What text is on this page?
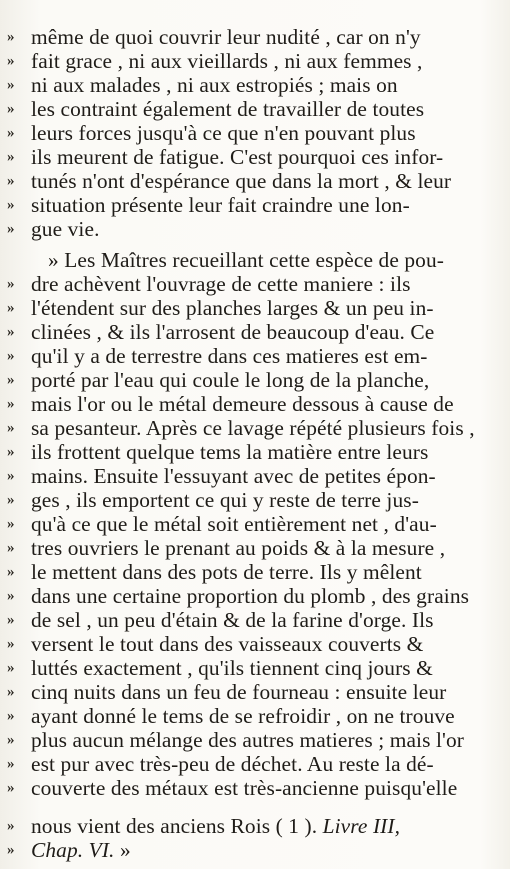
» même de quoi couvrir leur nudité , car on n'y
» fait grace , ni aux vieillards , ni aux femmes ,
» ni aux malades , ni aux estropiés ; mais on
» les contraint également de travailler de toutes
» leurs forces jusqu'à ce que n'en pouvant plus
» ils meurent de fatigue. C'est pourquoi ces infor-
» tunés n'ont d'espérance que dans la mort , & leur
» situation présente leur fait craindre une lon-
» gue vie.
» Les Maîtres recueillant cette espèce de pou-
» dre achèvent l'ouvrage de cette maniere : ils
» l'étendent sur des planches larges & un peu in-
» clinées , & ils l'arrosent de beaucoup d'eau. Ce
» qu'il y a de terrestre dans ces matieres est em-
» porté par l'eau qui coule le long de la planche,
» mais l'or ou le métal demeure dessous à cause de
» sa pesanteur. Après ce lavage répété plusieurs fois ,
» ils frottent quelque tems la matière entre leurs
» mains. Ensuite l'essuyant avec de petites épon-
» ges , ils emportent ce qui y reste de terre jus-
» qu'à ce que le métal soit entièrement net , d'au-
» tres ouvriers le prenant au poids & à la mesure ,
» le mettent dans des pots de terre. Ils y mêlent
» dans une certaine proportion du plomb , des grains
» de sel , un peu d'étain & de la farine d'orge. Ils
» versent le tout dans des vaisseaux couverts &
» luttés exactement , qu'ils tiennent cinq jours &
» cinq nuits dans un feu de fourneau : ensuite leur
» ayant donné le tems de se refroidir , on ne trouve
» plus aucun mélange des autres matieres ; mais l'or
» est pur avec très-peu de déchet. Au reste la dé-
» couverte des métaux est très-ancienne puisqu'elle
» nous vient des anciens Rois ( 1 ). Livre III,
» Chap. VI. »
